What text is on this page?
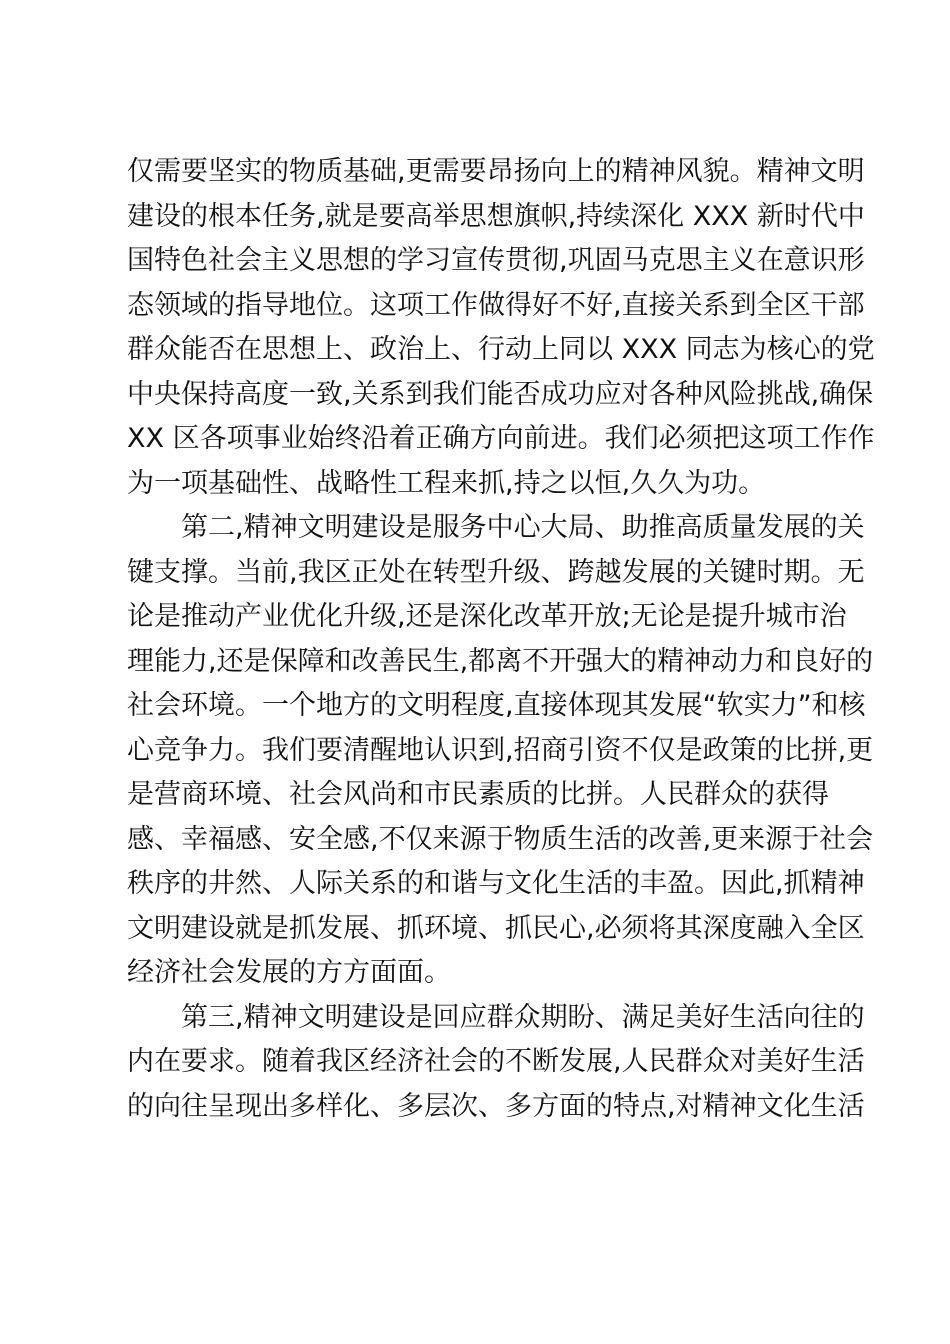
仅需要坚实的物质基础,更需要昂扬向上的精神风貌。精神文明
建设的根本任务,就是要高举思想旗帜,持续深化 XXX 新时代中
国特色社会主义思想的学习宣传贯彻,巩固马克思主义在意识形
态领域的指导地位。这项工作做得好不好,直接关系到全区干部
群众能否在思想上、政治上、行动上同以 XXX 同志为核心的党
中央保持高度一致,关系到我们能否成功应对各种风险挑战,确保
XX 区各项事业始终沿着正确方向前进。我们必须把这项工作作
为一项基础性、战略性工程来抓,持之以恒,久久为功。
第二,精神文明建设是服务中心大局、助推高质量发展的关
键支撑。当前,我区正处在转型升级、跨越发展的关键时期。无
论是推动产业优化升级,还是深化改革开放;无论是提升城市治
理能力,还是保障和改善民生,都离不开强大的精神动力和良好的
社会环境。一个地方的文明程度,直接体现其发展“软实力”和核
心竞争力。我们要清醒地认识到,招商引资不仅是政策的比拼,更
是营商环境、社会风尚和市民素质的比拼。人民群众的获得
感、幸福感、安全感,不仅来源于物质生活的改善,更来源于社会
秩序的井然、人际关系的和谐与文化生活的丰盈。因此,抓精神
文明建设就是抓发展、抓环境、抓民心,必须将其深度融入全区
经济社会发展的方方面面。
第三,精神文明建设是回应群众期盼、满足美好生活向往的
内在要求。随着我区经济社会的不断发展,人民群众对美好生活
的向往呈现出多样化、多层次、多方面的特点,对精神文化生活
